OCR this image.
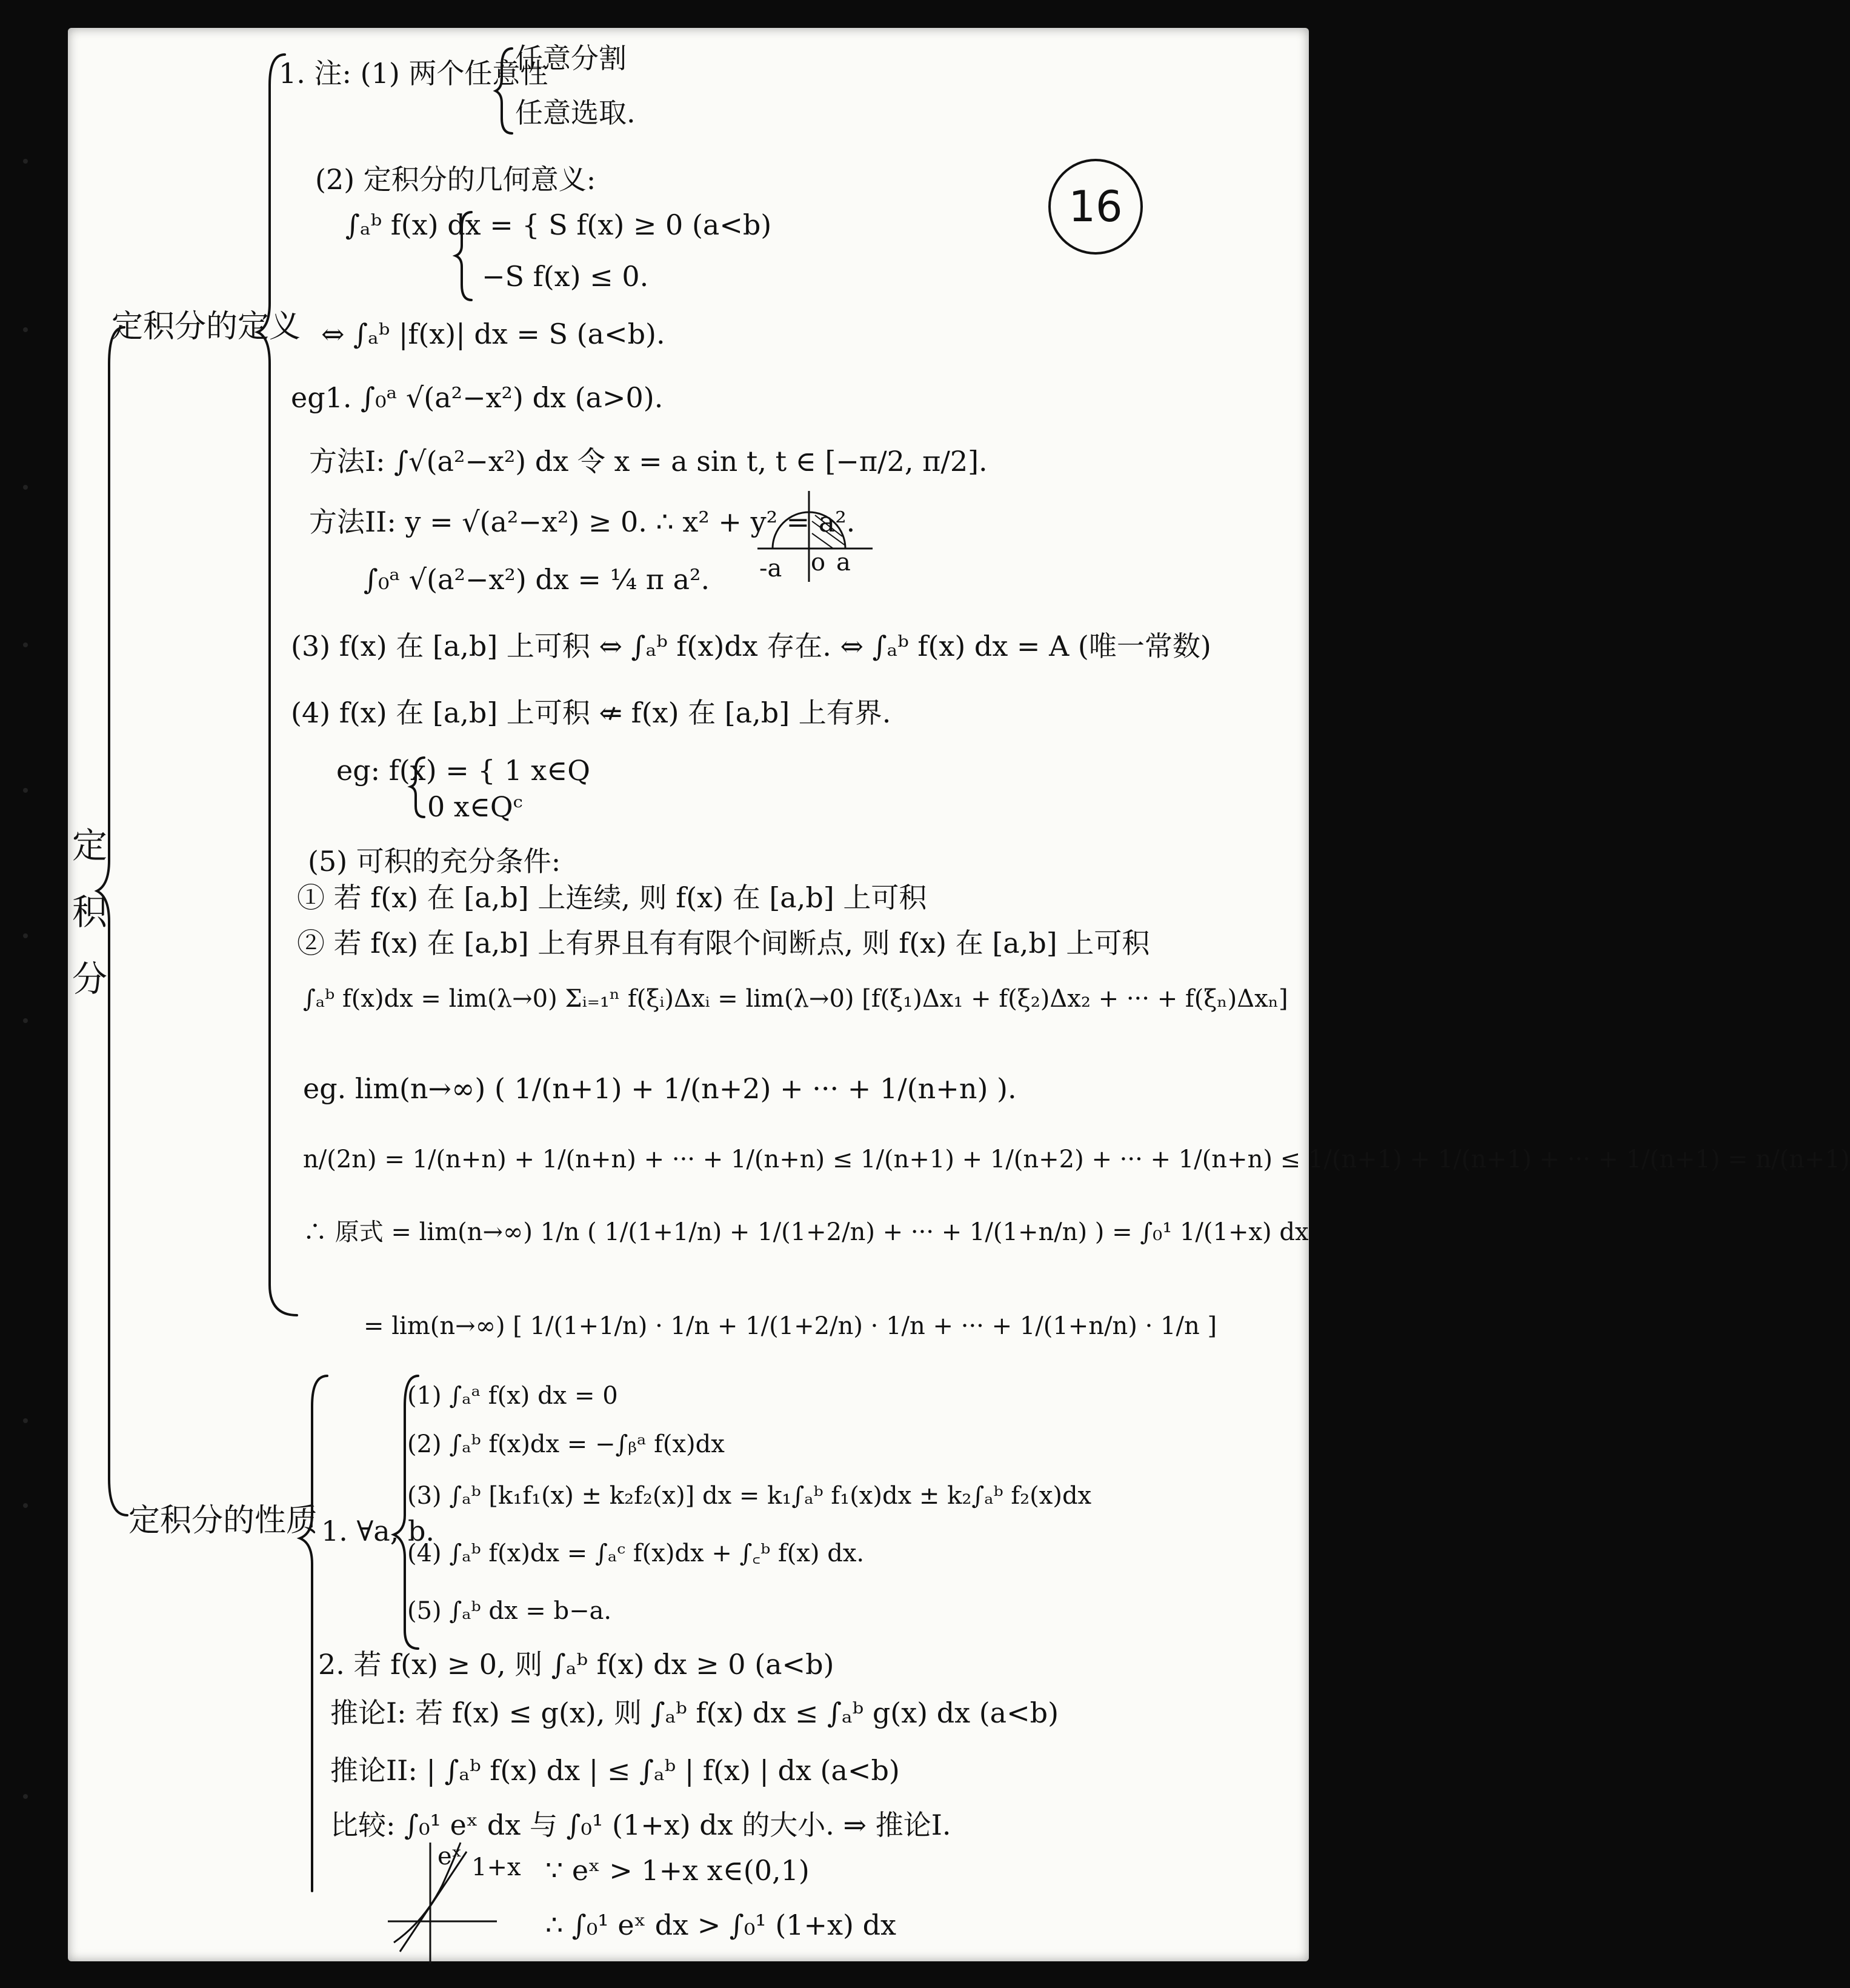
16
定积分
定积分的定义
定积分的性质
1. 注: (1) 两个任意性
任意分割
任意选取.
(2) 定积分的几何意义:
∫ₐᵇ f(x) dx = { S f(x) ≥ 0 (a<b)
−S f(x) ≤ 0.
⇔ ∫ₐᵇ |f(x)| dx = S (a<b).
eg1. ∫₀ᵃ √(a²−x²) dx (a>0).
方法I: ∫√(a²−x²) dx 令 x = a sin t, t ∈ [−π/2, π/2].
方法II: y = √(a²−x²) ≥ 0. ∴ x² + y² = a².
-a o a
∫₀ᵃ √(a²−x²) dx = ¼ π a².
(3) f(x) 在 [a,b] 上可积 ⇔ ∫ₐᵇ f(x)dx 存在. ⇔ ∫ₐᵇ f(x) dx = A (唯一常数)
(4) f(x) 在 [a,b] 上可积 ⇍ f(x) 在 [a,b] 上有界.
eg: f(x) = { 1 x∈Q
0 x∈Qᶜ
(5) 可积的充分条件:
① 若 f(x) 在 [a,b] 上连续, 则 f(x) 在 [a,b] 上可积
② 若 f(x) 在 [a,b] 上有界且有有限个间断点, 则 f(x) 在 [a,b] 上可积
∫ₐᵇ f(x)dx = lim(λ→0) Σᵢ₌₁ⁿ f(ξᵢ)Δxᵢ = lim(λ→0) [f(ξ₁)Δx₁ + f(ξ₂)Δx₂ + ··· + f(ξₙ)Δxₙ]
eg. lim(n→∞) ( 1/(n+1) + 1/(n+2) + ··· + 1/(n+n) ).
n/(2n) = 1/(n+n) + 1/(n+n) + ··· + 1/(n+n) ≤ 1/(n+1) + 1/(n+2) + ··· + 1/(n+n) ≤ 1/(n+1) + 1/(n+1) + ··· + 1/(n+1) = n/(n+1)
∴ 原式 = lim(n→∞) 1/n ( 1/(1+1/n) + 1/(1+2/n) + ··· + 1/(1+n/n) ) = ∫₀¹ 1/(1+x) dx
= lim(n→∞) [ 1/(1+1/n) · 1/n + 1/(1+2/n) · 1/n + ··· + 1/(1+n/n) · 1/n ]
1. ∀a, b.
(1) ∫ₐᵃ f(x) dx = 0
(2) ∫ₐᵇ f(x)dx = −∫ᵦᵃ f(x)dx
(3) ∫ₐᵇ [k₁f₁(x) ± k₂f₂(x)] dx = k₁∫ₐᵇ f₁(x)dx ± k₂∫ₐᵇ f₂(x)dx
(4) ∫ₐᵇ f(x)dx = ∫ₐᶜ f(x)dx + ∫꜀ᵇ f(x) dx.
(5) ∫ₐᵇ dx = b−a.
2. 若 f(x) ≥ 0, 则 ∫ₐᵇ f(x) dx ≥ 0 (a<b)
推论I: 若 f(x) ≤ g(x), 则 ∫ₐᵇ f(x) dx ≤ ∫ₐᵇ g(x) dx (a<b)
推论II: | ∫ₐᵇ f(x) dx | ≤ ∫ₐᵇ | f(x) | dx (a<b)
比较: ∫₀¹ eˣ dx 与 ∫₀¹ (1+x) dx 的大小. ⇒ 推论I.
eˣ 1+x ∵ eˣ > 1+x x∈(0,1)
∴ ∫₀¹ eˣ dx > ∫₀¹ (1+x) dx
